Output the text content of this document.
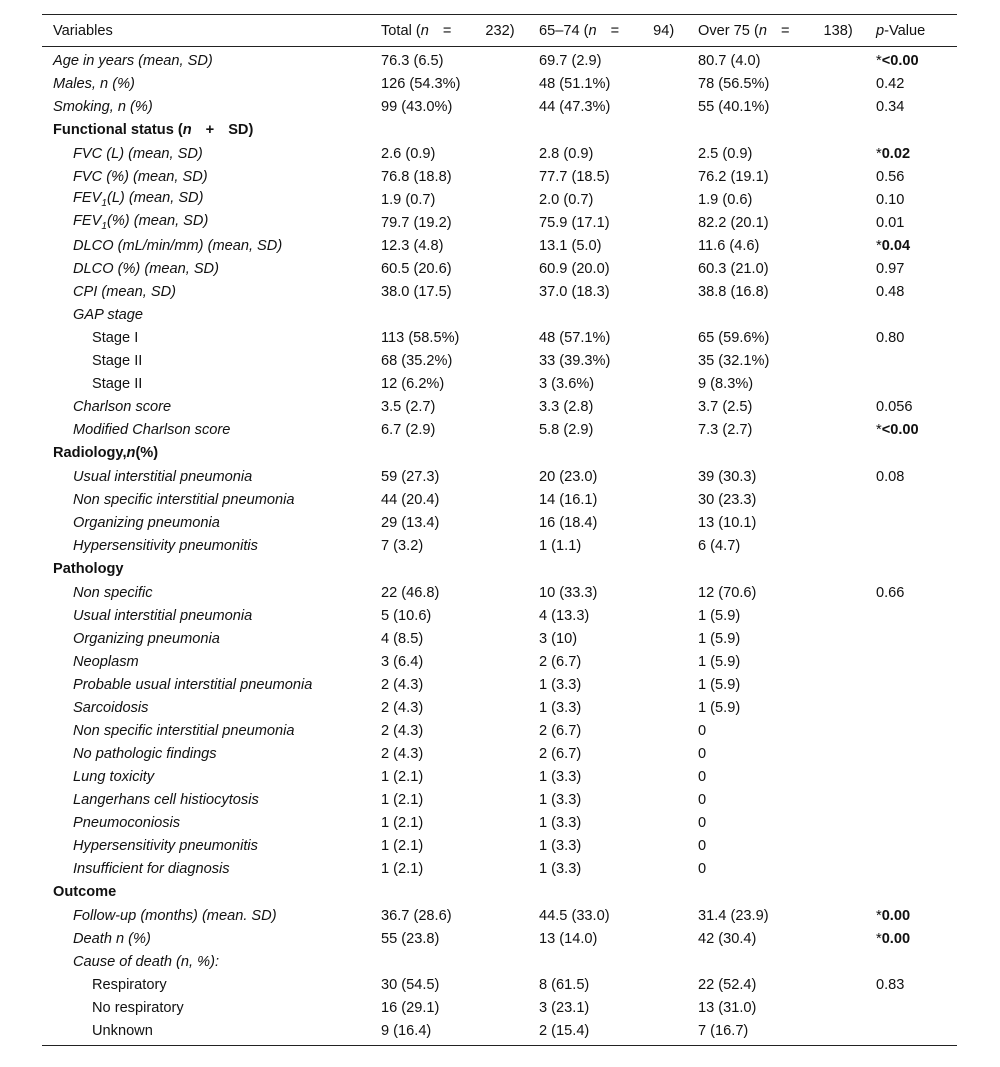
Variables	Total (n = 232)	65–74 (n = 94)	Over 75 (n = 138)	p-Value
Age in years (mean, SD)	76.3 (6.5)	69.7 (2.9)	80.7 (4.0)	*<0.00
Males, n (%)	126 (54.3%)	48 (51.1%)	78 (56.5%)	0.42
Smoking, n (%)	99 (43.0%)	44 (47.3%)	55 (40.1%)	0.34
Functional status (n + SD)				
FVC (L) (mean, SD)	2.6 (0.9)	2.8 (0.9)	2.5 (0.9)	*0.02
FVC (%) (mean, SD)	76.8 (18.8)	77.7 (18.5)	76.2 (19.1)	0.56
$FEV_1(L)$ (mean, SD)	1.9 (0.7)	2.0 (0.7)	1.9 (0.6)	0.10
$FEV_1(\%)$ (mean, SD)	79.7 (19.2)	75.9 (17.1)	82.2 (20.1)	0.01
DLCO (mL/min/mm) (mean, SD)	12.3 (4.8)	13.1 (5.0)	11.6 (4.6)	*0.04
DLCO (%) (mean, SD)	60.5 (20.6)	60.9 (20.0)	60.3 (21.0)	0.97
CPI (mean, SD)	38.0 (17.5)	37.0 (18.3)	38.8 (16.8)	0.48
GAP stage				
Stage I	113 (58.5%)	48 (57.1%)	65 (59.6%)	0.80
Stage II	68 (35.2%)	33 (39.3%)	35 (32.1%)	
Stage II	12 (6.2%)	3 (3.6%)	9 (8.3%)	
Charlson score	3.5 (2.7)	3.3 (2.8)	3.7 (2.5)	0.056
Modified Charlson score	6.7 (2.9)	5.8 (2.9)	7.3 (2.7)	*<0.00
Radiology,n(%)				
Usual interstitial pneumonia	59 (27.3)	20 (23.0)	39 (30.3)	0.08
Non specific interstitial pneumonia	44 (20.4)	14 (16.1)	30 (23.3)	
Organizing pneumonia	29 (13.4)	16 (18.4)	13 (10.1)	
Hypersensitivity pneumonitis	7 (3.2)	1 (1.1)	6 (4.7)	
Pathology				
Non specific	22 (46.8)	10 (33.3)	12 (70.6)	0.66
Usual interstitial pneumonia	5 (10.6)	4 (13.3)	1 (5.9)	
Organizing pneumonia	4 (8.5)	3 (10)	1 (5.9)	
Neoplasm	3 (6.4)	2 (6.7)	1 (5.9)	
Probable usual interstitial pneumonia	2 (4.3)	1 (3.3)	1 (5.9)	
Sarcoidosis	2 (4.3)	1 (3.3)	1 (5.9)	
Non specific interstitial pneumonia	2 (4.3)	2 (6.7)	0	
No pathologic findings	2 (4.3)	2 (6.7)	0	
Lung toxicity	1 (2.1)	1 (3.3)	0	
Langerhans cell histiocytosis	1 (2.1)	1 (3.3)	0	
Pneumoconiosis	1 (2.1)	1 (3.3)	0	
Hypersensitivity pneumonitis	1 (2.1)	1 (3.3)	0	
Insufficient for diagnosis	1 (2.1)	1 (3.3)	0	
Outcome				
Follow-up (months) (mean. SD)	36.7 (28.6)	44.5 (33.0)	31.4 (23.9)	*0.00
Death n (%)	55 (23.8)	13 (14.0)	42 (30.4)	*0.00
Cause of death (n, %):				
Respiratory	30 (54.5)	8 (61.5)	22 (52.4)	0.83
No respiratory	16 (29.1)	3 (23.1)	13 (31.0)	
Unknown	9 (16.4)	2 (15.4)	7 (16.7)	
